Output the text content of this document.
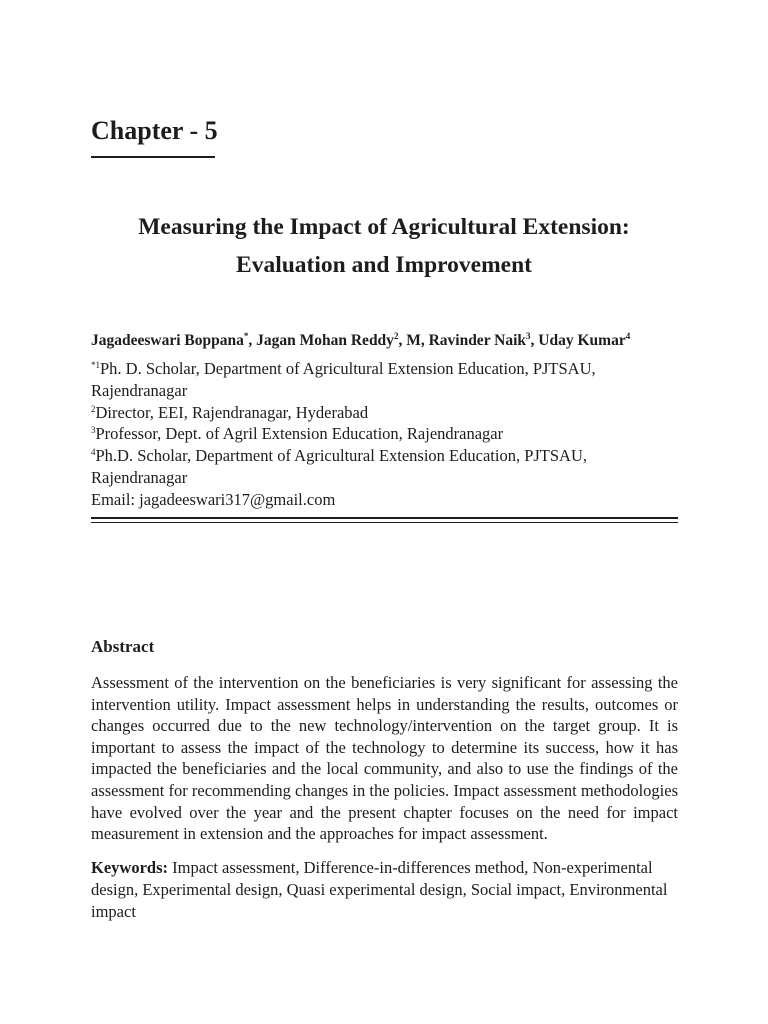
Chapter - 5
Measuring the Impact of Agricultural Extension:
Evaluation and Improvement

Jagadeeswari Boppana*, Jagan Mohan Reddy$^2$, M, Ravinder Naik$^3$, Uday Kumar$^4$

$^{*1}$Ph. D. Scholar, Department of Agricultural Extension Education, PJTSAU, Rajendranagar
$^2$Director, EEI, Rajendranagar, Hyderabad
$^3$Professor, Dept. of Agril Extension Education, Rajendranagar
$^4$Ph.D. Scholar, Department of Agricultural Extension Education, PJTSAU, Rajendranagar
Email: jagadeeswari317@gmail.com
Abstract

Assessment of the intervention on the beneficiaries is very significant for assessing the intervention utility. Impact assessment helps in understanding the results, outcomes or changes occurred due to the new technology/intervention on the target group. It is important to assess the impact of the technology to determine its success, how it has impacted the beneficiaries and the local community, and also to use the findings of the assessment for recommending changes in the policies. Impact assessment methodologies have evolved over the year and the present chapter focuses on the need for impact measurement in extension and the approaches for impact assessment.

Keywords: Impact assessment, Difference-in-differences method, Non-experimental design, Experimental design, Quasi experimental design, Social impact, Environmental impact
